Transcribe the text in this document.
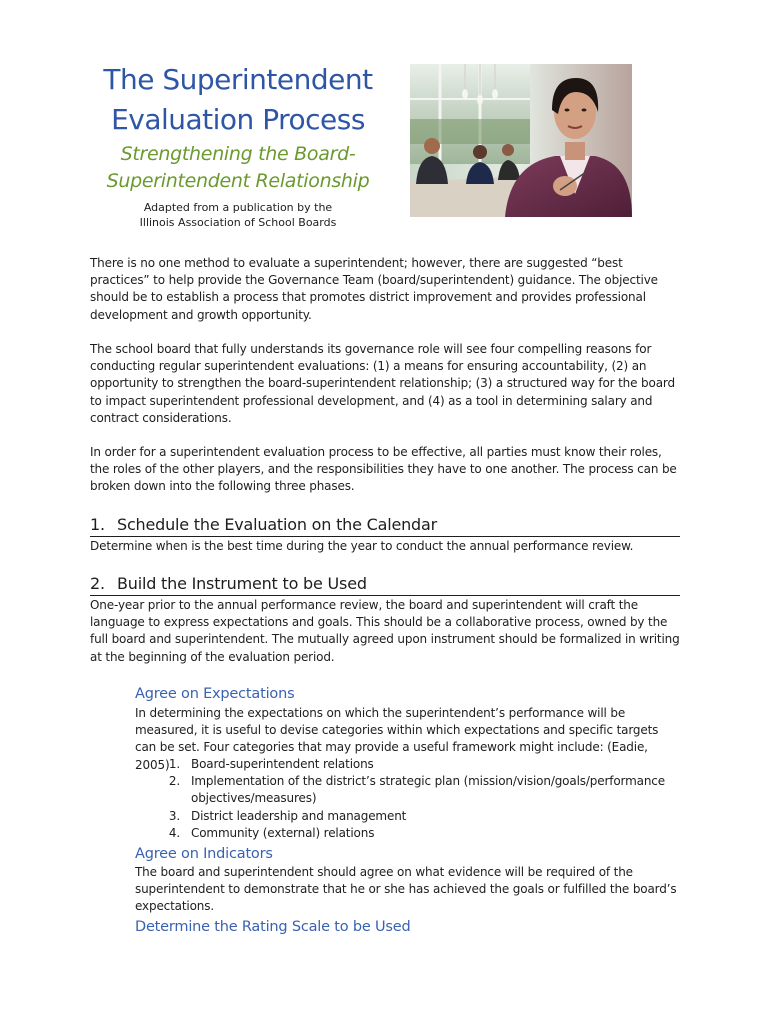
The Superintendent
Evaluation Process
Strengthening the Board-
Superintendent Relationship
Adapted from a publication by the
Illinois Association of School Boards

There is no one method to evaluate a superintendent; however, there are suggested “best practices” to help provide the Governance Team (board/superintendent) guidance. The objective should be to establish a process that promotes district improvement and provides professional development and growth opportunity.

The school board that fully understands its governance role will see four compelling reasons for conducting regular superintendent evaluations: (1) a means for ensuring accountability, (2) an opportunity to strengthen the board-superintendent relationship; (3) a structured way for the board to impact superintendent professional development, and (4) as a tool in determining salary and contract considerations.

In order for a superintendent evaluation process to be effective, all parties must know their roles, the roles of the other players, and the responsibilities they have to one another. The process can be broken down into the following three phases.

1. Schedule the Evaluation on the Calendar

Determine when is the best time during the year to conduct the annual performance review.

2. Build the Instrument to be Used

One-year prior to the annual performance review, the board and superintendent will craft the language to express expectations and goals. This should be a collaborative process, owned by the full board and superintendent. The mutually agreed upon instrument should be formalized in writing at the beginning of the evaluation period.

Agree on Expectations

In determining the expectations on which the superintendent’s performance will be measured, it is useful to devise categories within which expectations and specific targets can be set. Four categories that may provide a useful framework might include: (Eadie, 2005) 1. Board-superintendent relations
2. Implementation of the district’s strategic plan (mission/vision/goals/performance objectives/measures)
3. District leadership and management
4. Community (external) relations
Agree on Indicators

The board and superintendent should agree on what evidence will be required of the superintendent to demonstrate that he or she has achieved the goals or fulfilled the board’s expectations.

Determine the Rating Scale to be Used
